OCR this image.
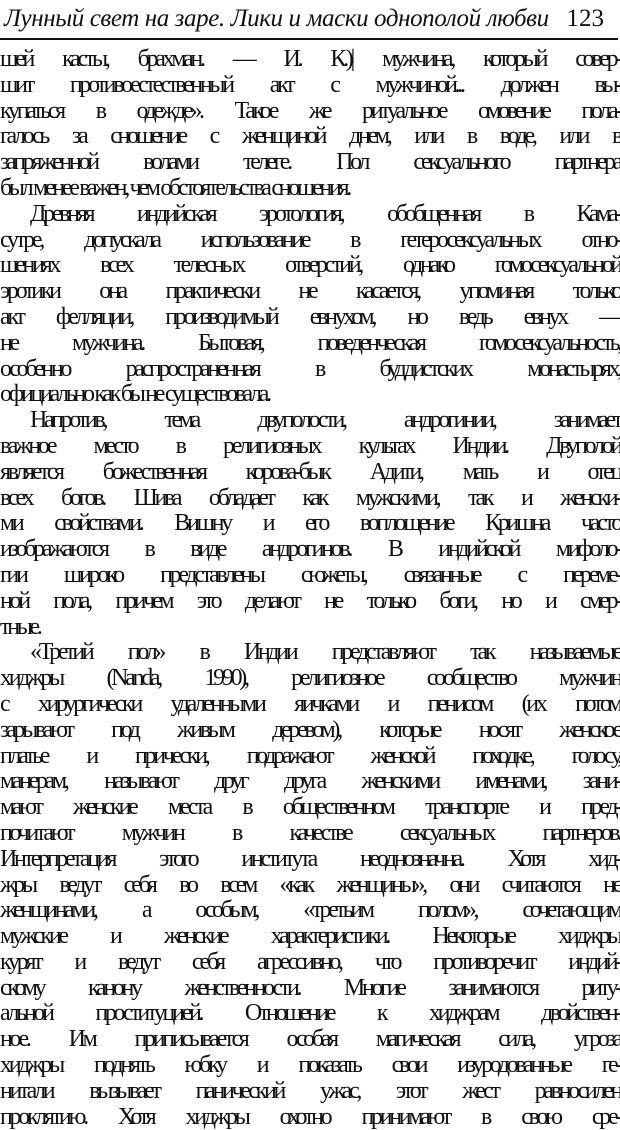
Лунный свет на заре. Лики и маски однополой любви 123
шей касты, брахман. — И. К.)| мужчина, который совер-
шит противоестественный акт с мужчиной... должен вы-
купаться в одежде». Такое же ритуальное омовение пола-
галось за сношение с женщиной днем, или в воде, или в
запряженной волами телеге. Пол сексуального партнера
был менее важен, чем обстоятельства сношения.
Древняя индийская эротология, обобщенная в Кама-
сутре, допускала использование в гетеросексуальных отно-
шениях всех телесных отверстий, однако гомосексуальной
эротики она практически не касается, упоминая только
акт фелляции, производимый евнухом, но ведь евнух —
не мужчина. Бытовая, поведенческая гомосексуальность,
особенно распространенная в буддистских монастырях,
официально как бы не существовала.
Напротив, тема двуполости, андрогинии, занимает
важное место в религиозных культах Индии. Двуполой
является божественная корова-бык Адити, мать и отец
всех богов. Шива обладает как мужскими, так и женски-
ми свойствами. Вишну и его воплощение Кришна часто
изображаются в виде андрогинов. В индийской мифоло-
гии широко представлены сюжеты, связанные с переме-
ной пола, причем это делают не только боги, но и смер-
тные.
«Третий пол» в Индии представляют так называемые
хиджры (Nanda, 1990), религиозное сообщество мужчин
с хирургически удаленными яичками и пенисом (их потом
зарывают под живым деревом), которые носят женское
платье и прически, подражают женской походке, голосу,
манерам, называют друг друга женскими именами, зани-
мают женские места в общественном транспорте и пред-
почитают мужчин в качестве сексуальных партнеров.
Интерпретация этого института неоднозначна. Хотя хид-
жры ведут себя во всем «как женщины», они считаются не
женщинами, а особым, «третьим полом», сочетающим
мужские и женские характеристики. Некоторые хиджры
курят и ведут себя агрессивно, что противоречит индий-
скому канону женственности. Многие занимаются риту-
альной проституцией. Отношение к хиджрам двойствен-
ное. Им приписывается особая магическая сила, угроза
хиджры поднять юбку и показать свои изуродованные ге-
нитали вызывает панический ужас, этот жест равносилен
проклятию. Хотя хиджры охотно принимают в свою сре-
